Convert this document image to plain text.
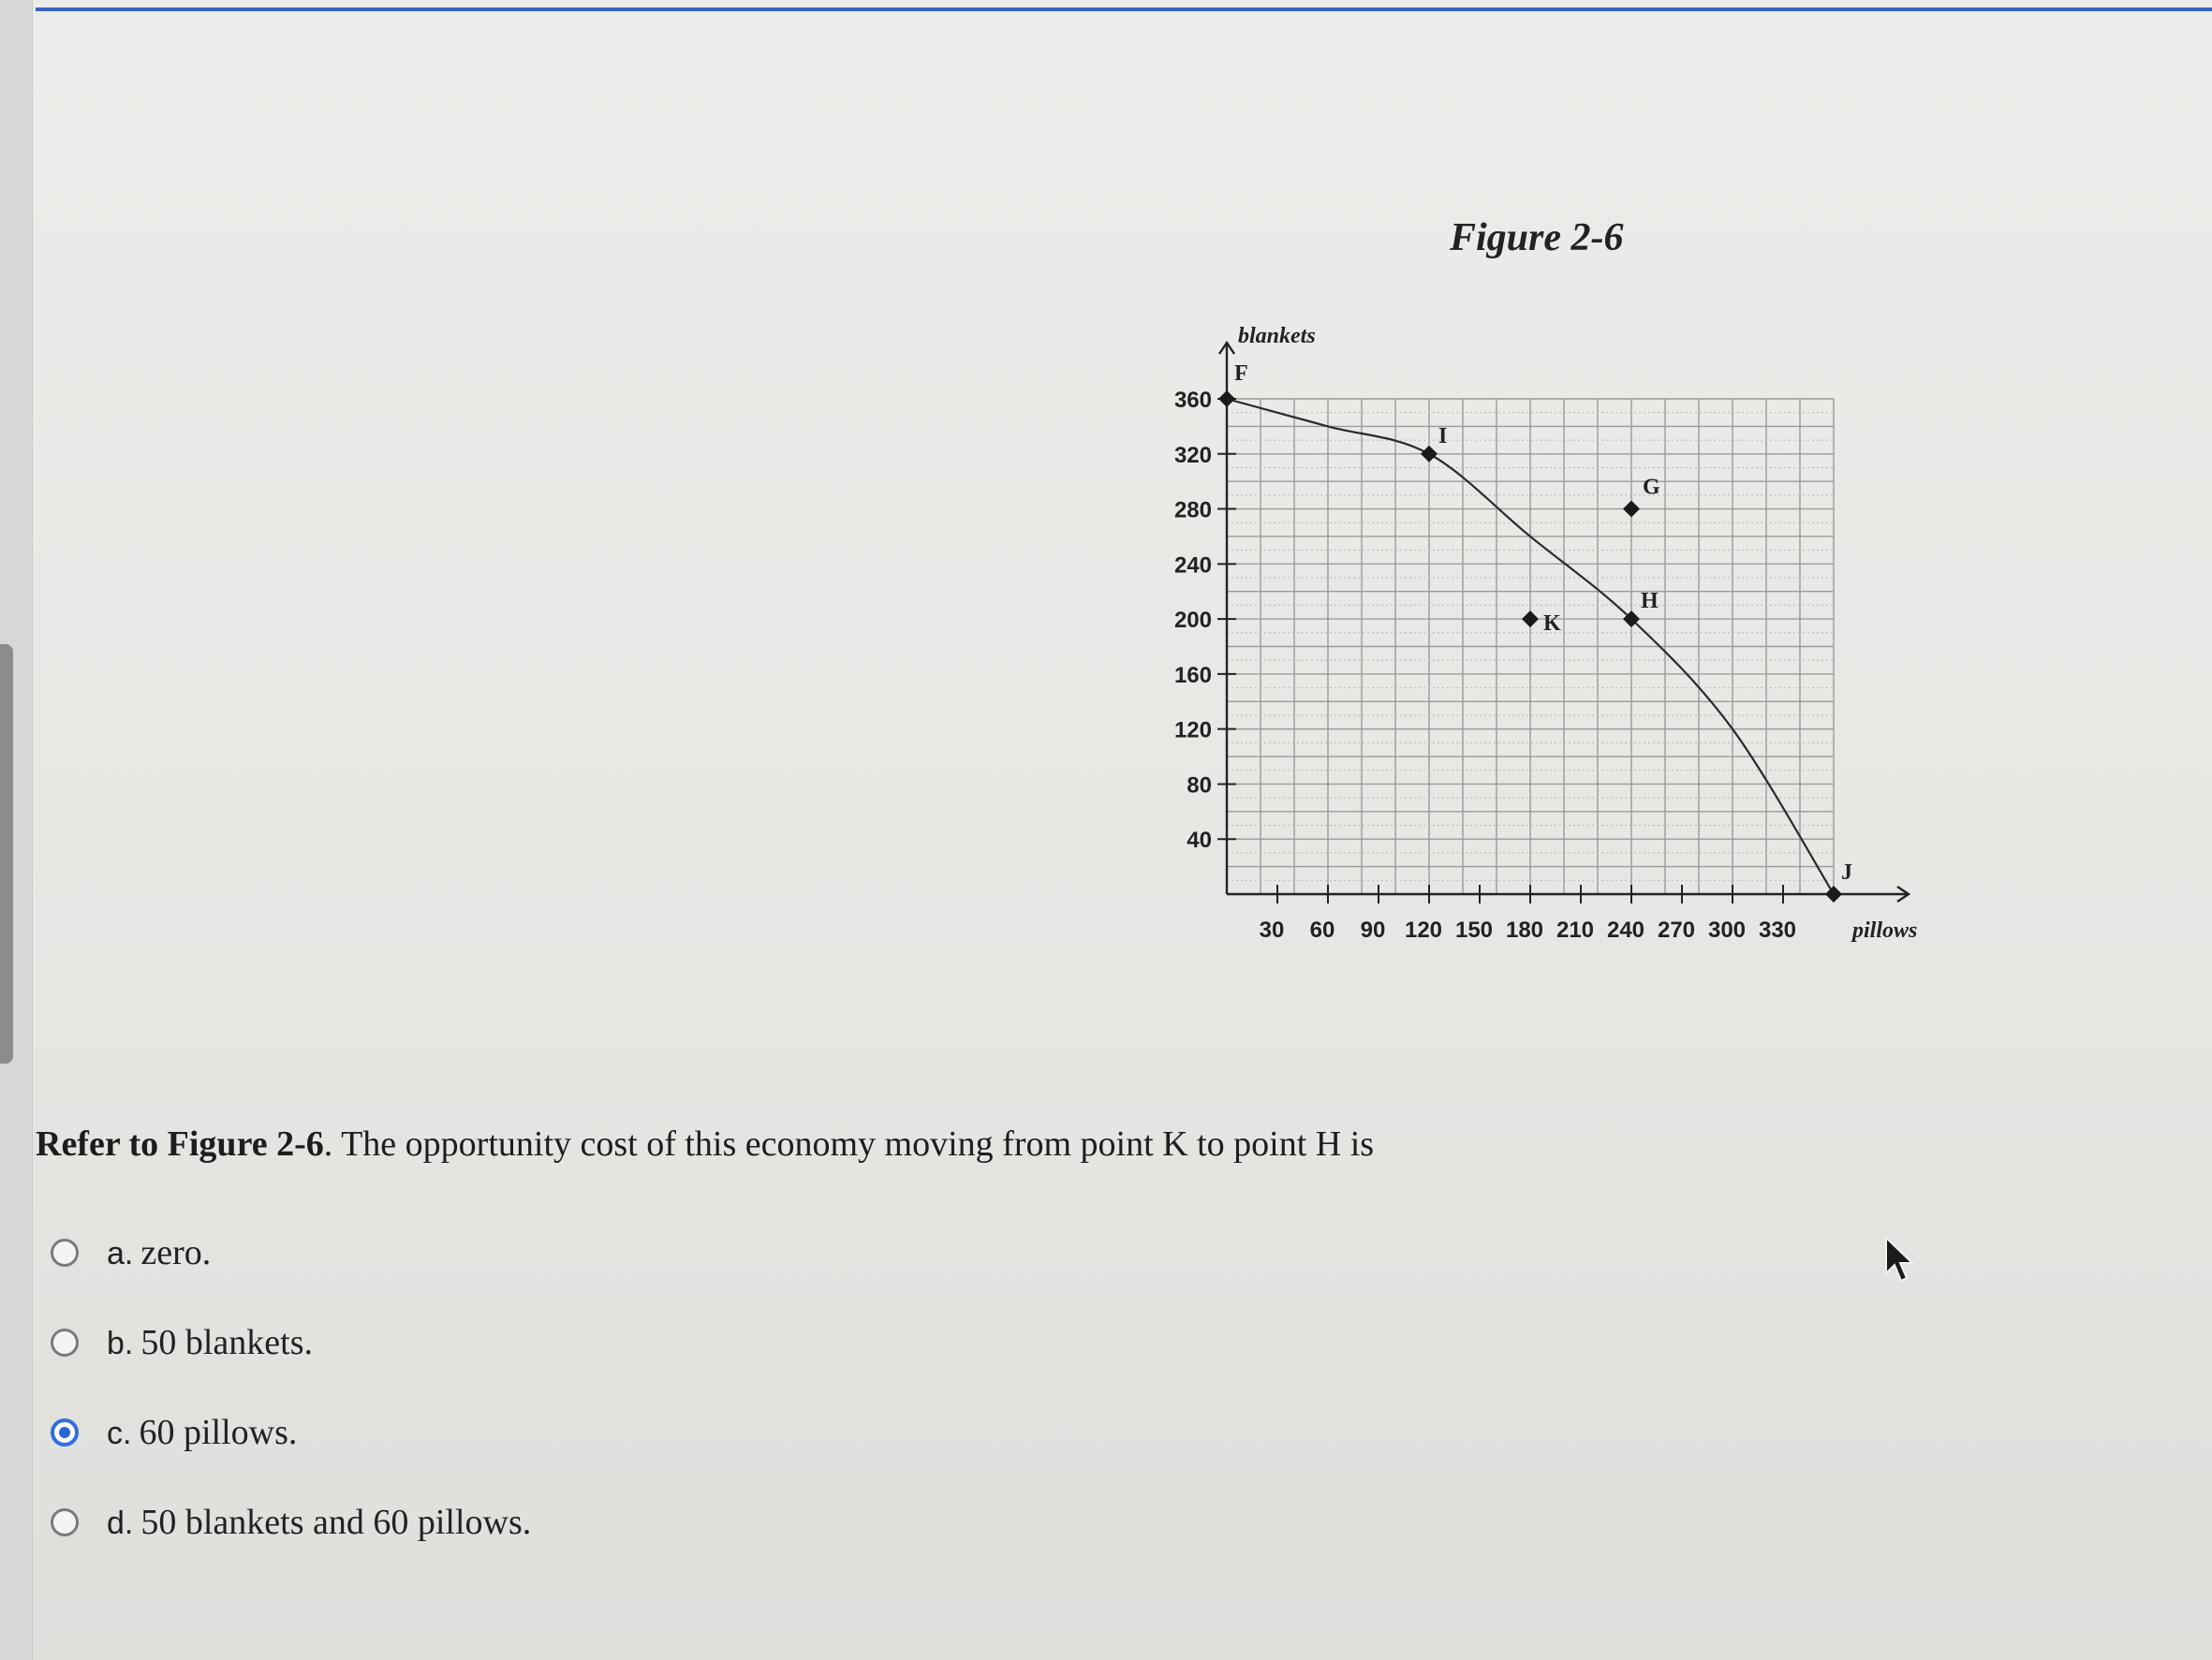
Figure 2-6
40
80
120
160
200
240
280
320
360
30 60 90 120 150 180 210 240 270 300 330
F
I
G
K
H
J
blankets
pillows
Refer to Figure 2-6. The opportunity cost of this economy moving from point K to point H is
a. zero.
b. 50 blankets.
c. 60 pillows.
d. 50 blankets and 60 pillows.
